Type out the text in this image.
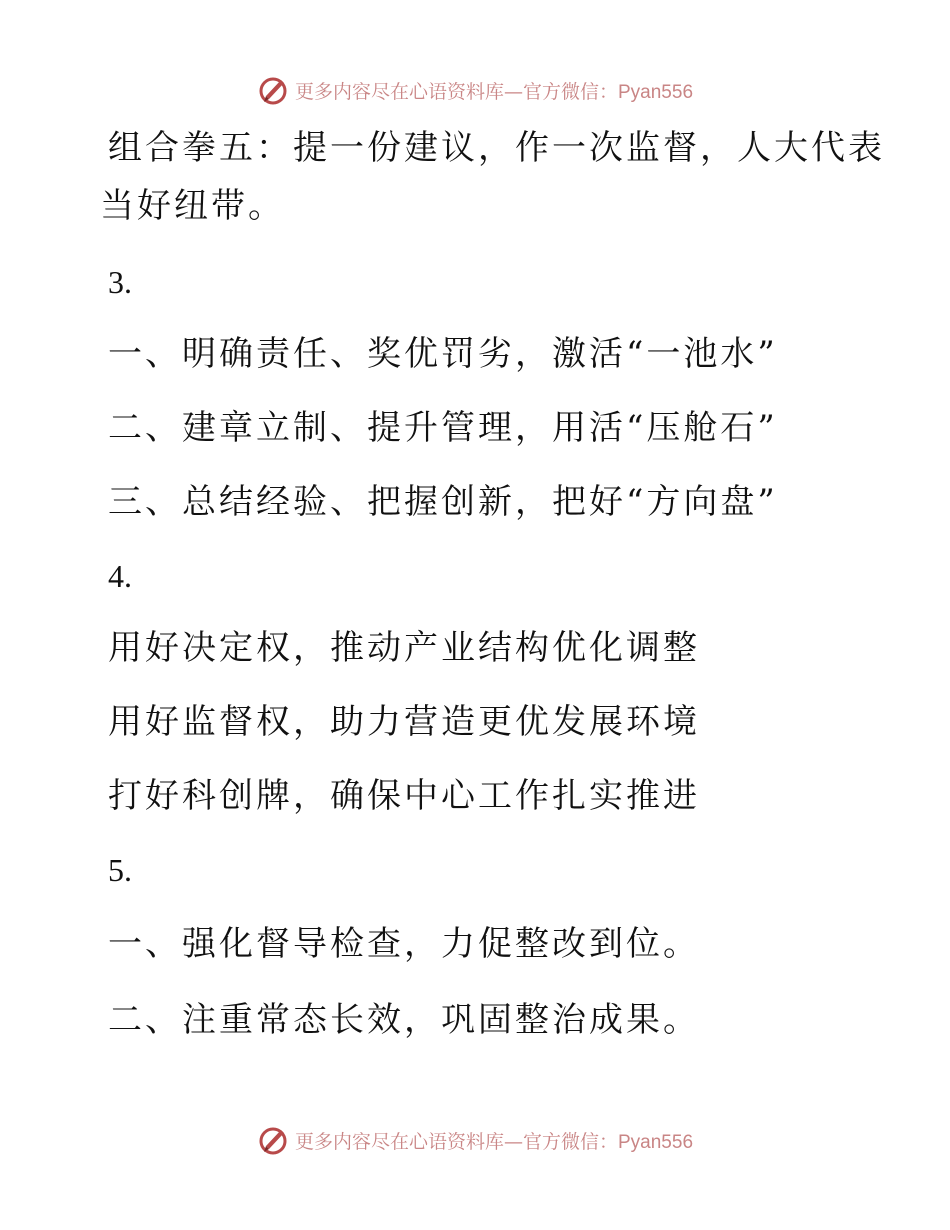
更多内容尽在心语资料库—官方微信：Pyan556
组合拳五：提一份建议，作一次监督，人大代表
当好纽带。
3.
一、明确责任、奖优罚劣，激活“一池水”
二、建章立制、提升管理，用活“压舱石”
三、总结经验、把握创新，把好“方向盘”
4.
用好决定权，推动产业结构优化调整
用好监督权，助力营造更优发展环境
打好科创牌，确保中心工作扎实推进
5.
一、强化督导检查，力促整改到位。
二、注重常态长效，巩固整治成果。
更多内容尽在心语资料库—官方微信：Pyan556
